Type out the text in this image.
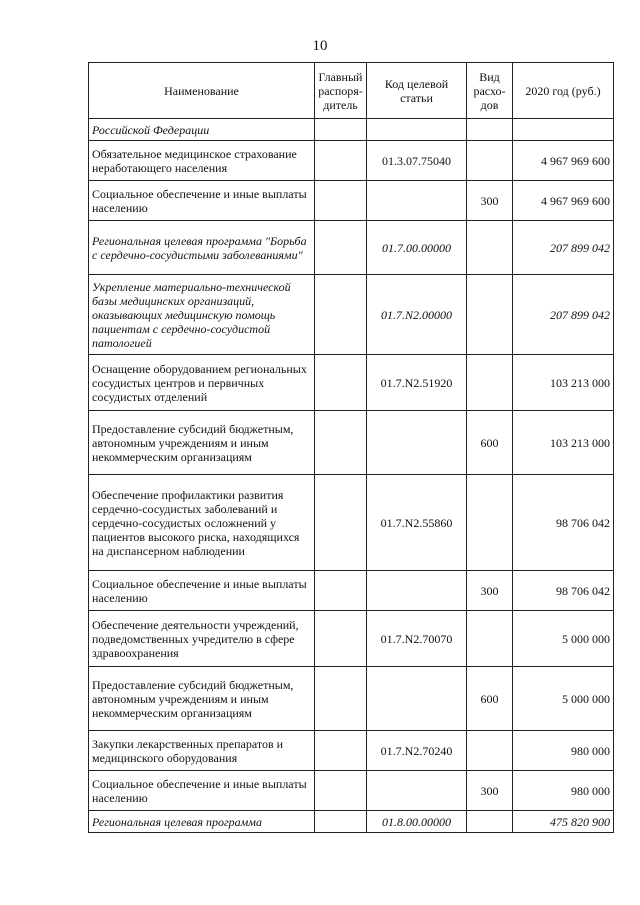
10
Наименование	Главный распоря-дитель	Код целевой статьи	Вид расхо-дов	2020 год (руб.)
Российской Федерации				
Обязательное медицинское страхование неработающего населения		01.3.07.75040		4 967 969 600
Социальное обеспечение и иные выплаты населению			300	4 967 969 600
Региональная целевая программа "Борьба с сердечно-сосудистыми заболеваниями"		01.7.00.00000		207 899 042
Укрепление материально-технической базы медицинских организаций, оказывающих медицинскую помощь пациентам с сердечно-сосудистой патологией		01.7.N2.00000		207 899 042
Оснащение оборудованием региональных сосудистых центров и первичных сосудистых отделений		01.7.N2.51920		103 213 000
Предоставление субсидий бюджетным, автономным учреждениям и иным некоммерческим организациям			600	103 213 000
Обеспечение профилактики развития сердечно-сосудистых заболеваний и сердечно-сосудистых осложнений у пациентов высокого риска, находящихся на диспансерном наблюдении		01.7.N2.55860		98 706 042
Социальное обеспечение и иные выплаты населению			300	98 706 042
Обеспечение деятельности учреждений, подведомственных учредителю в сфере здравоохранения		01.7.N2.70070		5 000 000
Предоставление субсидий бюджетным, автономным учреждениям и иным некоммерческим организациям			600	5 000 000
Закупки лекарственных препаратов и медицинского оборудования		01.7.N2.70240		980 000
Социальное обеспечение и иные выплаты населению			300	980 000
Региональная целевая программа		01.8.00.00000		475 820 900
